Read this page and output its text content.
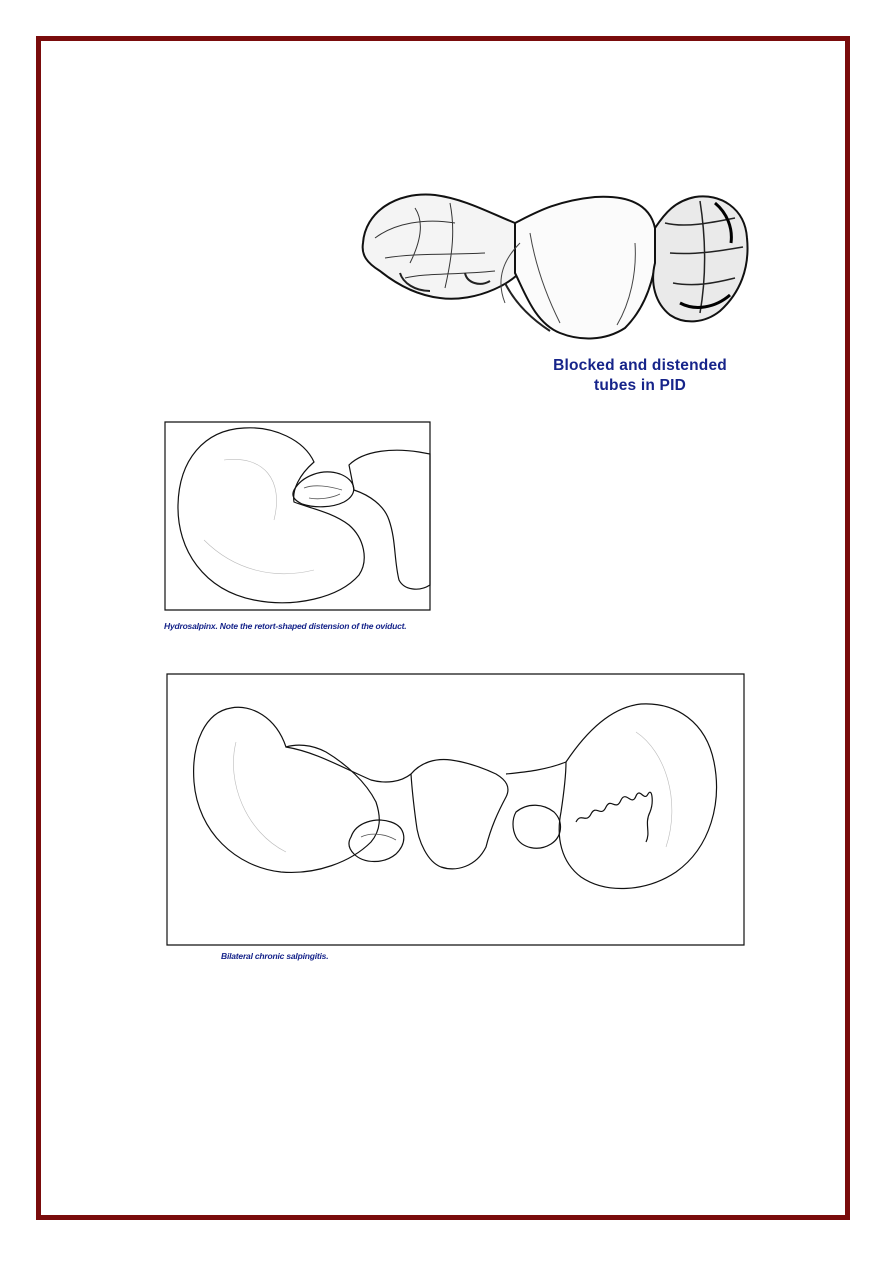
Blocked and distended
tubes in PID
Hydrosalpinx. Note the retort-shaped distension of the oviduct.
Bilateral chronic salpingitis.
